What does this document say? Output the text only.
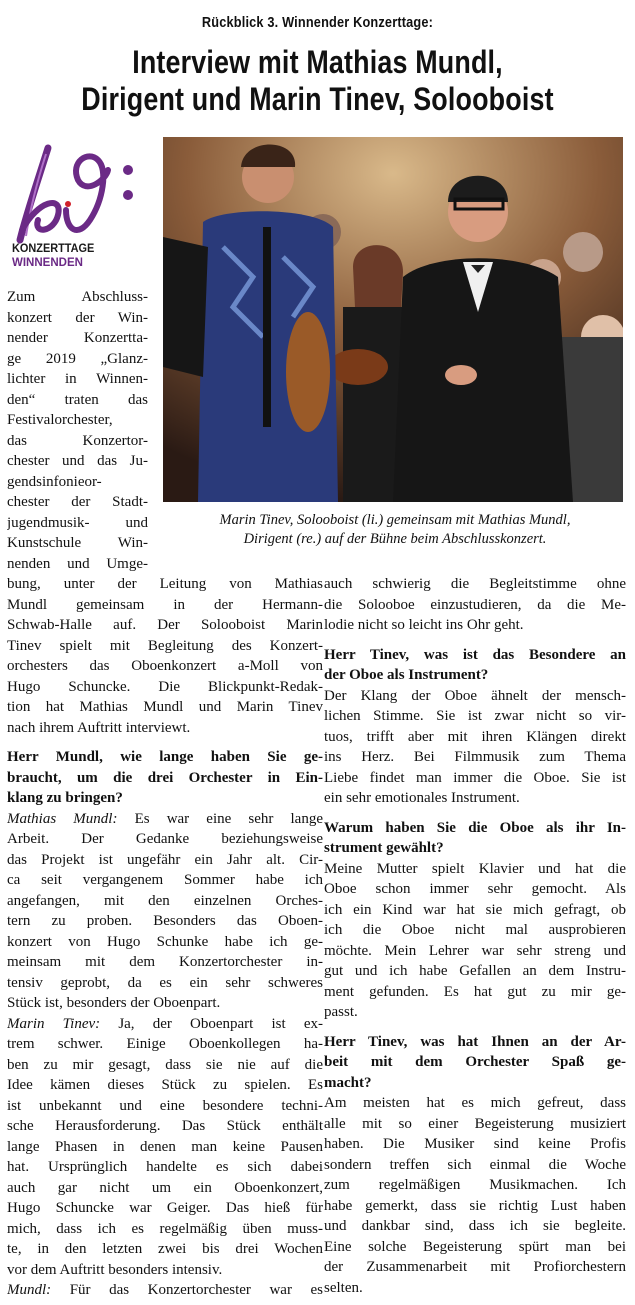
Rückblick 3. Winnender Konzerttage:
Interview mit Mathias Mundl,
Dirigent und Marin Tinev, Solooboist
KONZERTTAGE
WINNENDEN
Marin Tinev, Solooboist (li.) gemeinsam mit Mathias Mundl,
Dirigent (re.) auf der Bühne beim Abschlusskonzert.
Zum Abschluss-
konzert der Win-
nender Konzertta-
ge 2019 „Glanz-
lichter in Winnen-
den“ traten das
Festivalorchester,
das Konzertor-
chester und das Ju-
gendsinfonieor-
chester der Stadt-
jugendmusik- und
Kunstschule Win-
nenden und Umge-
bung, unter der Leitung von Mathias
Mundl gemeinsam in der Hermann-
Schwab-Halle auf. Der Solooboist Marin
Tinev spielt mit Begleitung des Konzert-
orchesters das Oboenkonzert a-Moll von
Hugo Schuncke. Die Blickpunkt-Redak-
tion hat Mathias Mundl und Marin Tinev
nach ihrem Auftritt interviewt.
Herr Mundl, wie lange haben Sie ge-
braucht, um die drei Orchester in Ein-
klang zu bringen?
Mathias Mundl: Es war eine sehr lange
Arbeit. Der Gedanke beziehungsweise
das Projekt ist ungefähr ein Jahr alt. Cir-
ca seit vergangenem Sommer habe ich
angefangen, mit den einzelnen Orches-
tern zu proben. Besonders das Oboen-
konzert von Hugo Schunke habe ich ge-
meinsam mit dem Konzertorchester in-
tensiv geprobt, da es ein sehr schweres
Stück ist, besonders der Oboenpart.
Marin Tinev: Ja, der Oboenpart ist ex-
trem schwer. Einige Oboenkollegen ha-
ben zu mir gesagt, dass sie nie auf die
Idee kämen dieses Stück zu spielen. Es
ist unbekannt und eine besondere techni-
sche Herausforderung. Das Stück enthält
lange Phasen in denen man keine Pausen
hat. Ursprünglich handelte es sich dabei
auch gar nicht um ein Oboenkonzert,
Hugo Schuncke war Geiger. Das hieß für
mich, dass ich es regelmäßig üben muss-
te, in den letzten zwei bis drei Wochen
vor dem Auftritt besonders intensiv.
Mundl: Für das Konzertorchester war es
auch schwierig die Begleitstimme ohne
die Solooboe einzustudieren, da die Me-
lodie nicht so leicht ins Ohr geht.
Herr Tinev, was ist das Besondere an
der Oboe als Instrument?
Der Klang der Oboe ähnelt der mensch-
lichen Stimme. Sie ist zwar nicht so vir-
tuos, trifft aber mit ihren Klängen direkt
ins Herz. Bei Filmmusik zum Thema
Liebe findet man immer die Oboe. Sie ist
ein sehr emotionales Instrument.
Warum haben Sie die Oboe als ihr In-
strument gewählt?
Meine Mutter spielt Klavier und hat die
Oboe schon immer sehr gemocht. Als
ich ein Kind war hat sie mich gefragt, ob
ich die Oboe nicht mal ausprobieren
möchte. Mein Lehrer war sehr streng und
gut und ich habe Gefallen an dem Instru-
ment gefunden. Es hat gut zu mir ge-
passt.
Herr Tinev, was hat Ihnen an der Ar-
beit mit dem Orchester Spaß ge-
macht?
Am meisten hat es mich gefreut, dass
alle mit so einer Begeisterung musiziert
haben. Die Musiker sind keine Profis
sondern treffen sich einmal die Woche
zum regelmäßigen Musikmachen. Ich
habe gemerkt, dass sie richtig Lust haben
und dankbar sind, dass ich sie begleite.
Eine solche Begeisterung spürt man bei
der Zusammenarbeit mit Profiorchestern
selten.
